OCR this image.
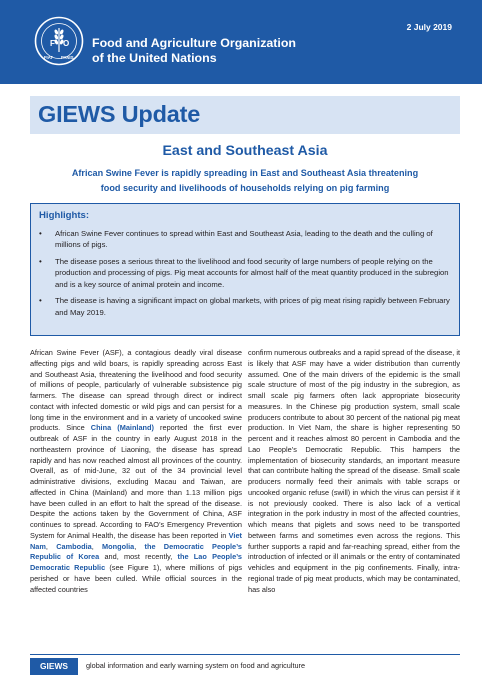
F O
FIAT PANIS
Food and Agriculture Organization
of the United Nations
2 July 2019
GIEWS Update
East and Southeast Asia
African Swine Fever is rapidly spreading in East and Southeast Asia threatening
food security and livelihoods of households relying on pig farming
Highlights:
• African Swine Fever continues to spread within East and Southeast Asia, leading to the death and the culling of millions of pigs.
• The disease poses a serious threat to the livelihood and food security of large numbers of people relying on the production and processing of pigs. Pig meat accounts for almost half of the meat quantity produced in the subregion and is a key source of animal protein and income.
• The disease is having a significant impact on global markets, with prices of pig meat rising rapidly between February and May 2019.
African Swine Fever (ASF), a contagious deadly viral disease affecting pigs and wild boars, is rapidly spreading across East and Southeast Asia, threatening the livelihood and food security of millions of people, particularly of vulnerable subsistence pig farmers. The disease can spread through direct or indirect contact with infected domestic or wild pigs and can persist for a long time in the environment and in a variety of uncooked swine products. Since China (Mainland) reported the first ever outbreak of ASF in the country in early August 2018 in the northeastern province of Liaoning, the disease has spread rapidly and has now reached almost all provinces of the country. Overall, as of mid-June, 32 out of the 34 provincial level administrative divisions, excluding Macau and Taiwan, are affected in China (Mainland) and more than 1.13 million pigs have been culled in an effort to halt the spread of the disease. Despite the actions taken by the Government of China, ASF continues to spread. According to FAO’s Emergency Prevention System for Animal Health, the disease has been reported in Viet Nam, Cambodia, Mongolia, the Democratic People’s Republic of Korea and, most recently, the Lao People’s Democratic Republic (see Figure 1), where millions of pigs perished or have been culled. While official sources in the affected countries
confirm numerous outbreaks and a rapid spread of the disease, it is likely that ASF may have a wider distribution than currently assumed. One of the main drivers of the epidemic is the small scale structure of most of the pig industry in the subregion, as small scale pig farmers often lack appropriate biosecurity measures. In the Chinese pig production system, small scale producers contribute to about 30 percent of the national pig meat production. In Viet Nam, the share is higher representing 50 percent and it reaches almost 80 percent in Cambodia and the Lao People’s Democratic Republic. This hampers the implementation of biosecurity standards, an important measure that can contribute halting the spread of the disease. Small scale producers normally feed their animals with table scraps or uncooked organic refuse (swill) in which the virus can persist if it is not previously cooked. There is also lack of a vertical integration in the pork industry in most of the affected countries, which means that piglets and sows need to be transported between farms and sometimes even across the regions. This further supports a rapid and far-reaching spread, either from the introduction of infected or ill animals or the entry of contaminated vehicles and equipment in the pig confinements. Finally, intra-regional trade of pig meat products, which may be contaminated, has also
GIEWS	global information and early warning system on food and agriculture
